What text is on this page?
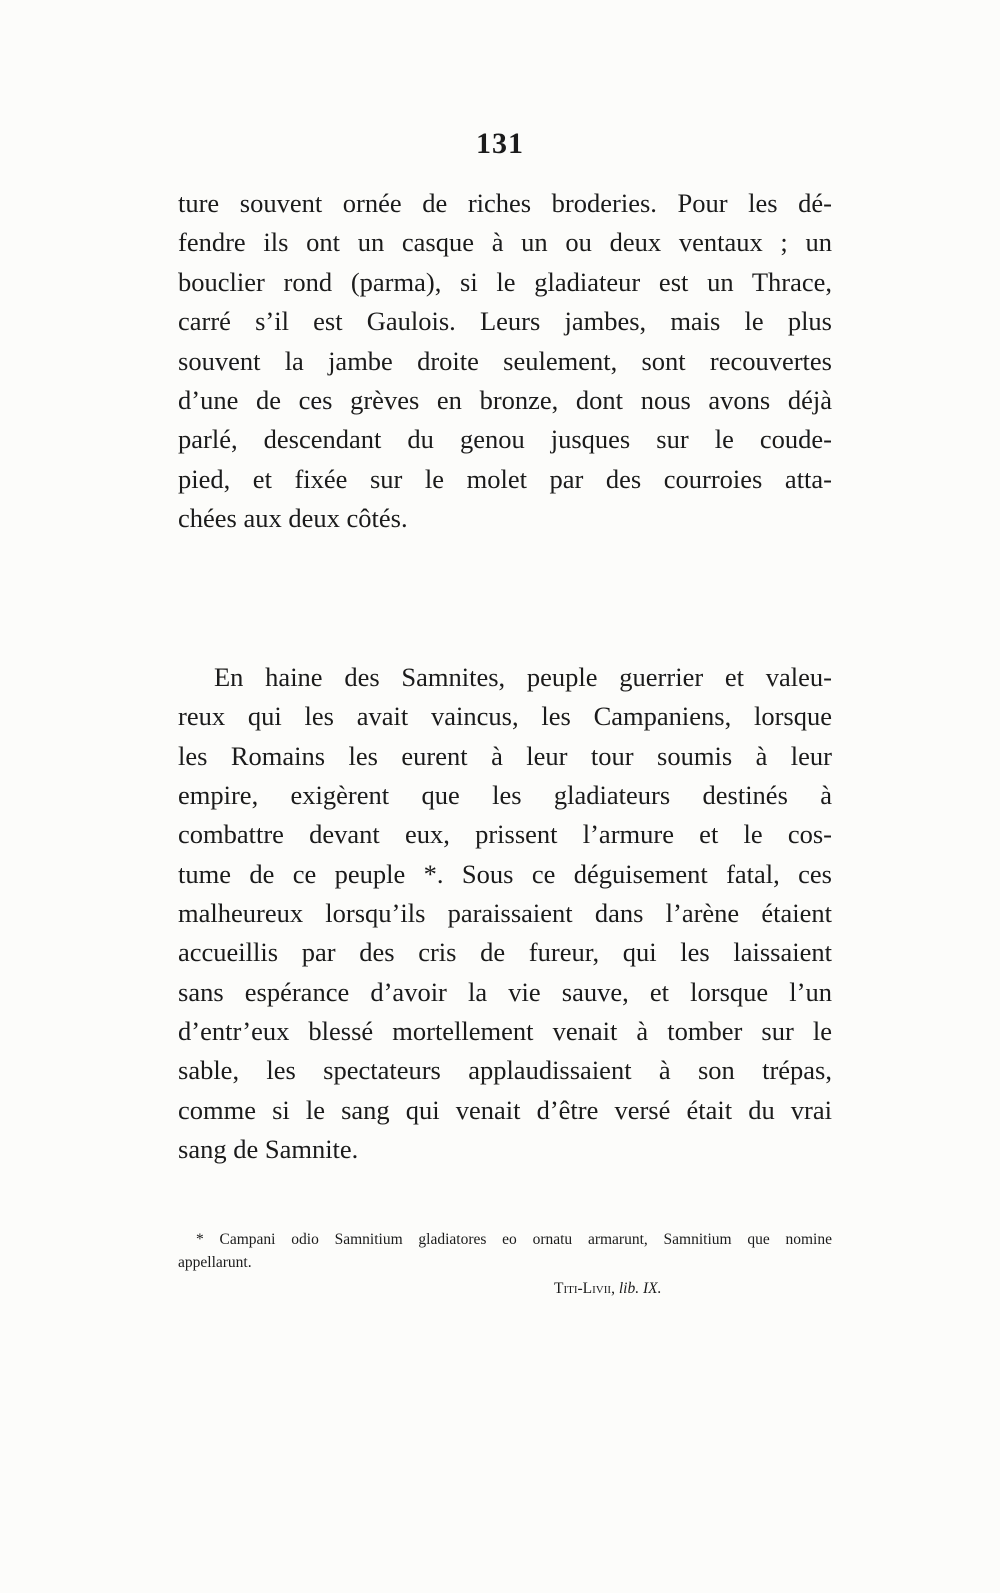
131
ture souvent ornée de riches broderies. Pour les dé-
fendre ils ont un casque à un ou deux ventaux ; un
bouclier rond (parma), si le gladiateur est un Thrace,
carré s’il est Gaulois. Leurs jambes, mais le plus
souvent la jambe droite seulement, sont recouvertes
d’une de ces grèves en bronze, dont nous avons déjà
parlé, descendant du genou jusques sur le coude-
pied, et fixée sur le molet par des courroies atta-
chées aux deux côtés.
En haine des Samnites, peuple guerrier et valeu-
reux qui les avait vaincus, les Campaniens, lorsque
les Romains les eurent à leur tour soumis à leur
empire, exigèrent que les gladiateurs destinés à
combattre devant eux, prissent l’armure et le cos-
tume de ce peuple *. Sous ce déguisement fatal, ces
malheureux lorsqu’ils paraissaient dans l’arène étaient
accueillis par des cris de fureur, qui les laissaient
sans espérance d’avoir la vie sauve, et lorsque l’un
d’entr’eux blessé mortellement venait à tomber sur le
sable, les spectateurs applaudissaient à son trépas,
comme si le sang qui venait d’être versé était du vrai
sang de Samnite.
* Campani odio Samnitium gladiatores eo ornatu armarunt, Samnitium que nomine
appellarunt.
Titi-Livii, lib. IX.
